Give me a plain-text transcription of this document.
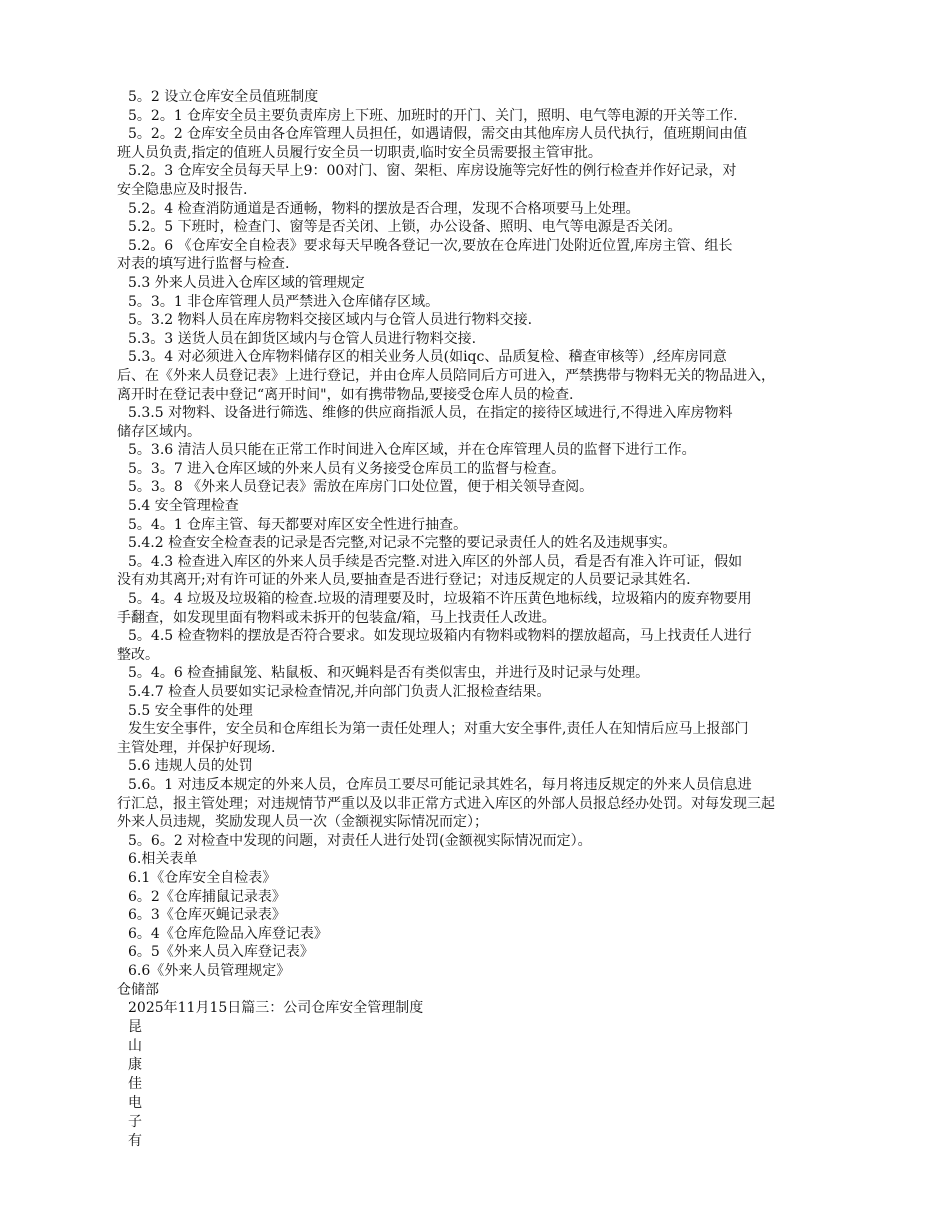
5。2 设立仓库安全员值班制度

5。2。1 仓库安全员主要负责库房上下班、加班时的开门、关门，照明、电气等电源的开关等工作.

5。2。2 仓库安全员由各仓库管理人员担任，如遇请假，需交由其他库房人员代执行，值班期间由值

班人员负责,指定的值班人员履行安全员一切职责,临时安全员需要报主管审批。

5.2。3 仓库安全员每天早上9：00对门、窗、架柜、库房设施等完好性的例行检查并作好记录，对

安全隐患应及时报告.

5.2。4 检查消防通道是否通畅，物料的摆放是否合理，发现不合格项要马上处理。

5.2。5 下班时，检查门、窗等是否关闭、上锁，办公设备、照明、电气等电源是否关闭。

5.2。6 《仓库安全自检表》要求每天早晚各登记一次,要放在仓库进门处附近位置,库房主管、组长

对表的填写进行监督与检查.

5.3 外来人员进入仓库区域的管理规定

5。3。1 非仓库管理人员严禁进入仓库储存区域。

5。3.2 物料人员在库房物料交接区域内与仓管人员进行物料交接.

5.3。3 送货人员在卸货区域内与仓管人员进行物料交接.

5.3。4 对必须进入仓库物料储存区的相关业务人员(如iqc、品质复检、稽查审核等）,经库房同意

后、在《外来人员登记表》上进行登记，并由仓库人员陪同后方可进入，严禁携带与物料无关的物品进入，

离开时在登记表中登记“离开时间"，如有携带物品,要接受仓库人员的检查.

5.3.5 对物料、设备进行筛选、维修的供应商指派人员，在指定的接待区域进行,不得进入库房物料

储存区域内。

5。3.6 清洁人员只能在正常工作时间进入仓库区域，并在仓库管理人员的监督下进行工作。

5。3。7 进入仓库区域的外来人员有义务接受仓库员工的监督与检查。

5。3。8 《外来人员登记表》需放在库房门口处位置，便于相关领导查阅。

5.4 安全管理检查

5。4。1 仓库主管、每天都要对库区安全性进行抽查。

5.4.2 检查安全检查表的记录是否完整,对记录不完整的要记录责任人的姓名及违规事实。

5。4.3 检查进入库区的外来人员手续是否完整.对进入库区的外部人员，看是否有准入许可证，假如

没有劝其离开;对有许可证的外来人员,要抽查是否进行登记；对违反规定的人员要记录其姓名.

5。4。4 垃圾及垃圾箱的检查.垃圾的清理要及时，垃圾箱不许压黄色地标线，垃圾箱内的废弃物要用

手翻查，如发现里面有物料或未拆开的包装盒/箱，马上找责任人改进。

5。4.5 检查物料的摆放是否符合要求。如发现垃圾箱内有物料或物料的摆放超高，马上找责任人进行

整改。

5。4。6 检查捕鼠笼、粘鼠板、和灭蝇料是否有类似害虫，并进行及时记录与处理。

5.4.7 检查人员要如实记录检查情况,并向部门负责人汇报检查结果。

5.5 安全事件的处理

发生安全事件，安全员和仓库组长为第一责任处理人；对重大安全事件,责任人在知情后应马上报部门

主管处理，并保护好现场.

5.6 违规人员的处罚

5.6。1 对违反本规定的外来人员，仓库员工要尽可能记录其姓名，每月将违反规定的外来人员信息进

行汇总，报主管处理；对违规情节严重以及以非正常方式进入库区的外部人员报总经办处罚。对每发现三起

外来人员违规，奖励发现人员一次（金额视实际情况而定）；

5。6。2 对检查中发现的问题，对责任人进行处罚(金额视实际情况而定）。

6.相关表单

6.1《仓库安全自检表》

6。2《仓库捕鼠记录表》

6。3《仓库灭蝇记录表》

6。4《仓库危险品入库登记表》

6。5《外来人员入库登记表》

6.6《外来人员管理规定》

仓储部

2025年11月15日篇三：公司仓库安全管理制度

昆

山

康

佳

电

子

有
